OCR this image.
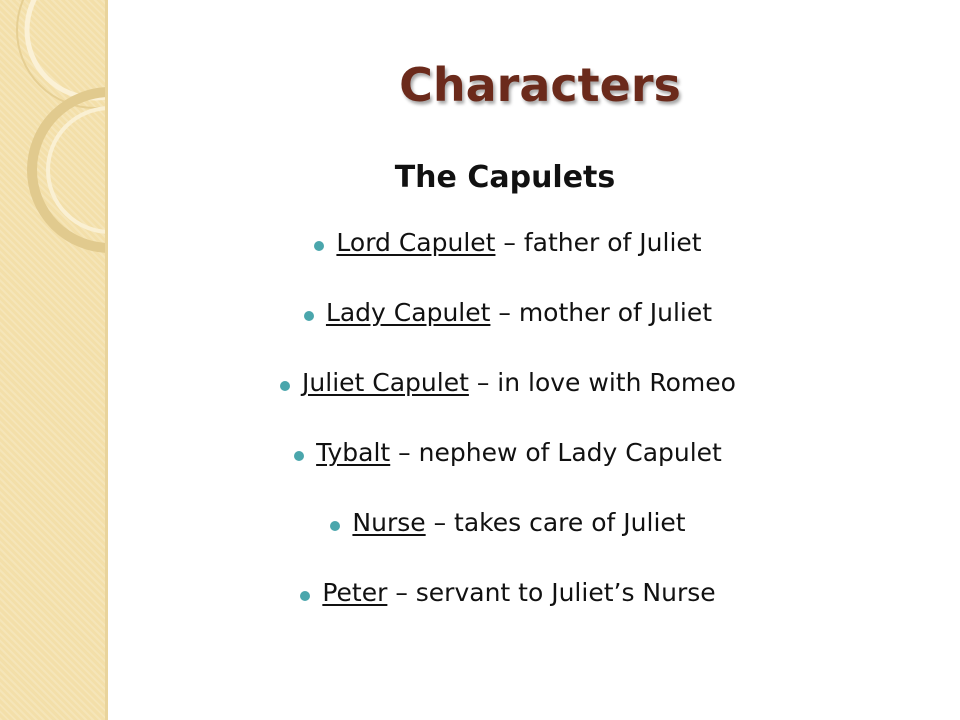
Characters
The Capulets
Lord Capulet – father of Juliet
Lady Capulet – mother of Juliet
Juliet Capulet – in love with Romeo
Tybalt – nephew of Lady Capulet
Nurse – takes care of Juliet
Peter – servant to Juliet’s Nurse
